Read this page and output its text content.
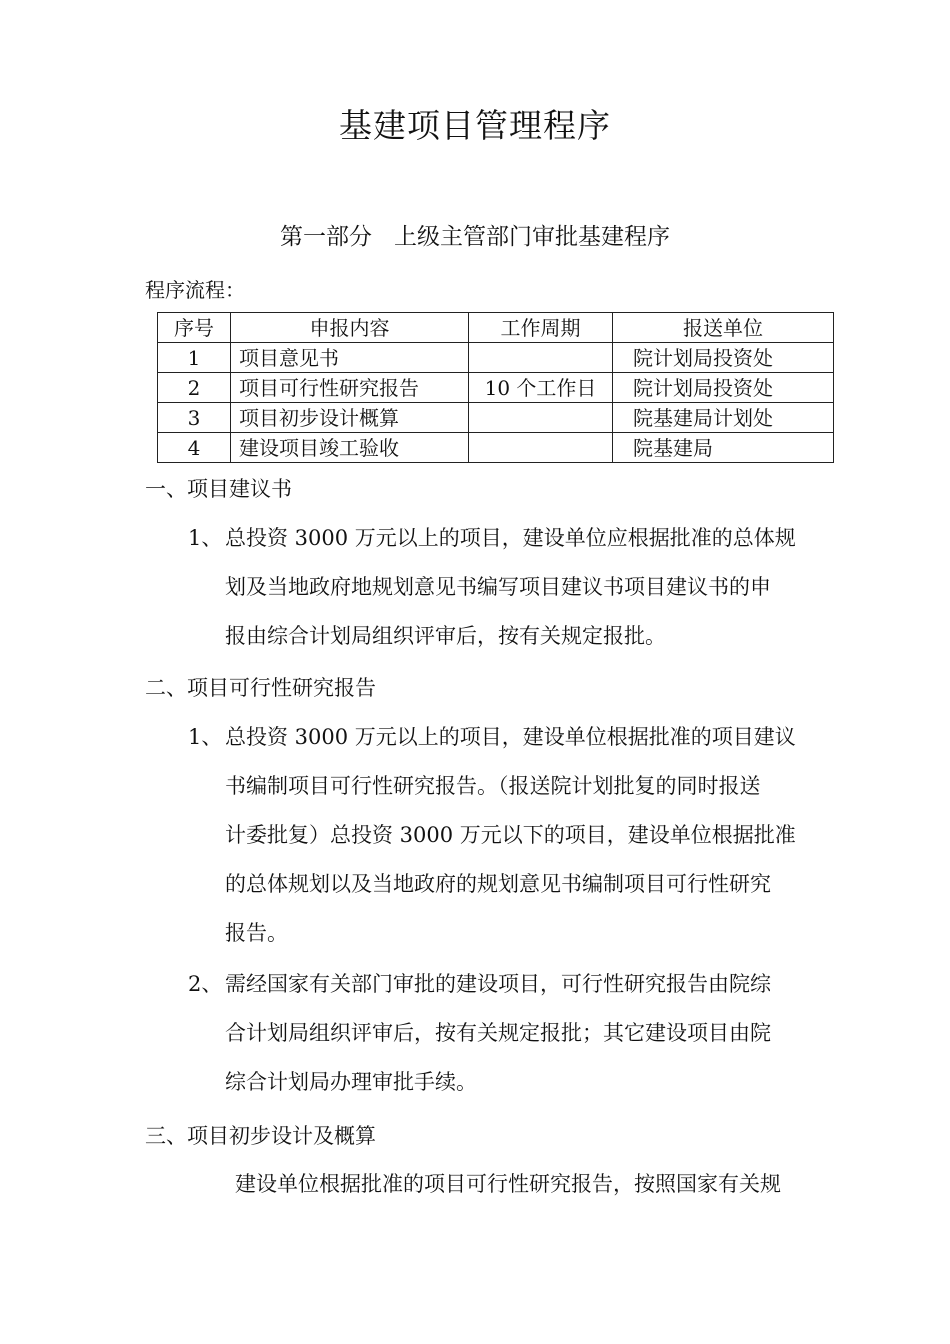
基建项目管理程序
第一部分 上级主管部门审批基建程序
程序流程：
序号	申报内容	工作周期	报送单位
1	项目意见书		院计划局投资处
2	项目可行性研究报告	10 个工作日	院计划局投资处
3	项目初步设计概算		院基建局计划处
4	建设项目竣工验收		院基建局
一、项目建议书
1、 总投资 3000 万元以上的项目，建设单位应根据批准的总体规
划及当地政府地规划意见书编写项目建议书项目建议书的申
报由综合计划局组织评审后，按有关规定报批。
二、项目可行性研究报告
1、 总投资 3000 万元以上的项目，建设单位根据批准的项目建议
书编制项目可行性研究报告。（报送院计划批复的同时报送
计委批复）总投资 3000 万元以下的项目，建设单位根据批准
的总体规划以及当地政府的规划意见书编制项目可行性研究
报告。
2、 需经国家有关部门审批的建设项目，可行性研究报告由院综
合计划局组织评审后，按有关规定报批；其它建设项目由院
综合计划局办理审批手续。
三、项目初步设计及概算
建设单位根据批准的项目可行性研究报告，按照国家有关规
